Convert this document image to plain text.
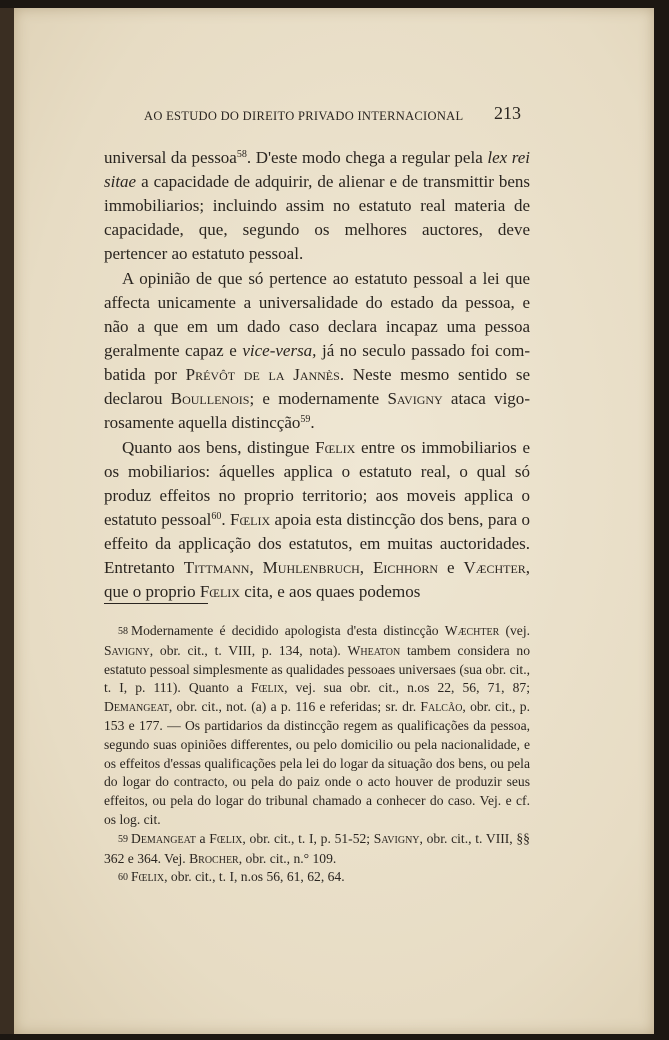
AO ESTUDO DO DIREITO PRIVADO INTERNACIONAL 213

universal da pessoa$^{58}$. D'este modo chega a regular pela lex rei sitae a capacidade de adquirir, de alienar e de transmittir bens immobiliarios; incluindo assim no estatuto real materia de capacidade, que, segundo os melhores auctores, deve pertencer ao estatuto pessoal.

A opinião de que só pertence ao estatuto pessoal a lei que affecta unicamente a universalidade do estado da pessoa, e não a que em um dado caso declara incapaz uma pessoa geralmente capaz e vice-versa, já no seculo passado foi combatida por Prévôt de la Jannès. Neste mesmo sentido se declarou Boullenois; e modernamente Savigny ataca vigorosamente aquella distincção$^{59}$.

Quanto aos bens, distingue Fœlix entre os immobiliarios e os mobiliarios: áquelles applica o estatuto real, o qual só produz effeitos no proprio territorio; aos moveis applica o estatuto pessoal$^{60}$. Fœlix apoia esta distincção dos bens, para o effeito da applicação dos estatutos, em muitas auctoridades. Entretanto Tittmann, Muhlenbruch, Eichhorn e Væchter, que o proprio Fœlix cita, e aos quaes podemos

58 Modernamente é decidido apologista d'esta distincção Wæchter (vej. Savigny, obr. cit., t. VIII, p. 134, nota). Wheaton tambem considera no estatuto pessoal simplesmente as qualidades pessoaes universaes (sua obr. cit., t. I, p. 111). Quanto a Fœlix, vej. sua obr. cit., n.os 22, 56, 71, 87; Demangeat, obr. cit., not. (a) a p. 116 e referidas; sr. dr. Falcão, obr. cit., p. 153 e 177. — Os partidarios da distincção regem as qualificações da pessoa, segundo suas opiniões differentes, ou pelo domicilio ou pela nacionalidade, e os effeitos d'essas qualificações pela lei do logar da situação dos bens, ou pela do logar do contracto, ou pela do paiz onde o acto houver de produzir seus effeitos, ou pela do logar do tribunal chamado a conhecer do caso. Vej. e cf. os log. cit.

59 Demangeat a Fœlix, obr. cit., t. I, p. 51-52; Savigny, obr. cit., t. VIII, §§ 362 e 364. Vej. Brocher, obr. cit., n.° 109.

60 Fœlix, obr. cit., t. I, n.os 56, 61, 62, 64.
